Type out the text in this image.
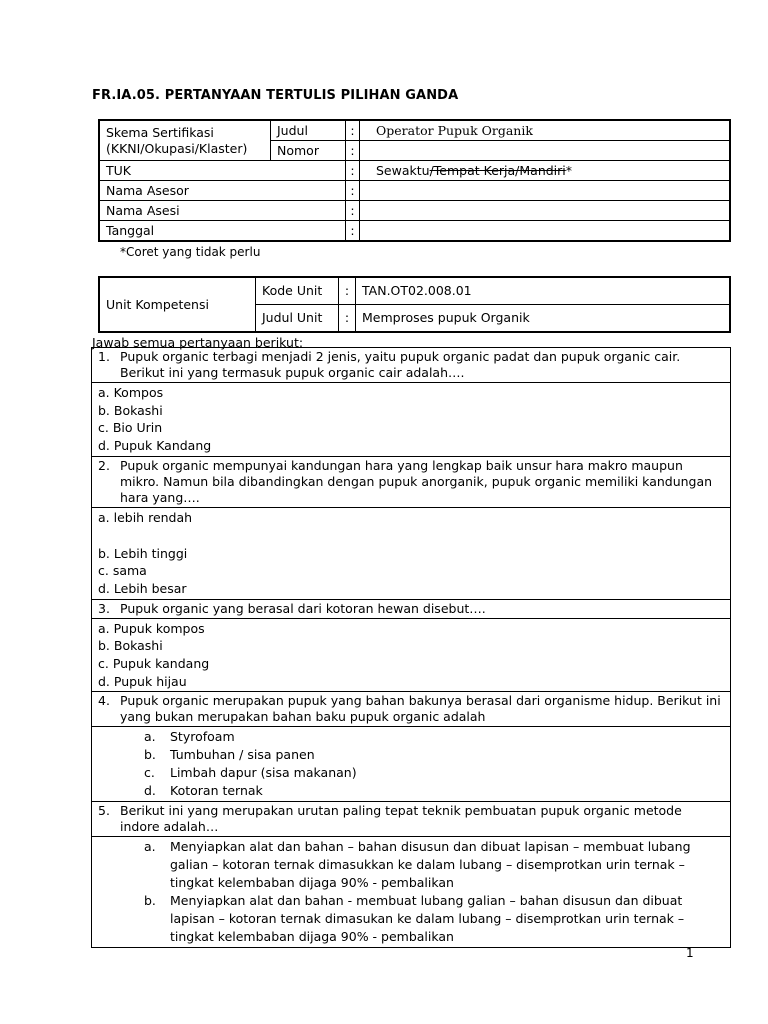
FR.IA.05. PERTANYAAN TERTULIS PILIHAN GANDA
Skema Sertifikasi (KKNI/Okupasi/Klaster)	Judul	:	Operator Pupuk Organik
	Nomor	:	
TUK		:	Sewaktu/Tempat Kerja/Mandiri*
Nama Asesor		:	
Nama Asesi		:	
Tanggal		:	
*Coret yang tidak perlu
Unit Kompetensi	Kode Unit	:	TAN.OT02.008.01
	Judul Unit	:	Memproses pupuk Organik
Jawab semua pertanyaan berikut:
1. Pupuk organic terbagi menjadi 2 jenis, yaitu pupuk organic padat dan pupuk organic cair. Berikut ini yang termasuk pupuk organic cair adalah….

a. Kompos
b. Bokashi
c. Bio Urin
d. Pupuk Kandang

2. Pupuk organic mempunyai kandungan hara yang lengkap baik unsur hara makro maupun mikro. Namun bila dibandingkan dengan pupuk anorganik, pupuk organic memiliki kandungan hara yang….

a. lebih rendah
b. Lebih tinggi
c. sama
d. Lebih besar

3. Pupuk organic yang berasal dari kotoran hewan disebut….

a. Pupuk kompos
b. Bokashi
c. Pupuk kandang
d. Pupuk hijau

4. Pupuk organic merupakan pupuk yang bahan bakunya berasal dari organisme hidup. Berikut ini yang bukan merupakan bahan baku pupuk organic adalah

a.	Styrofoam
b.	Tumbuhan / sisa panen
c.	Limbah dapur (sisa makanan)
d.	Kotoran ternak

5. Berikut ini yang merupakan urutan paling tepat teknik pembuatan pupuk organic metode indore adalah…

a.	Menyiapkan alat dan bahan – bahan disusun dan dibuat lapisan – membuat lubang galian – kotoran ternak dimasukkan ke dalam lubang – disemprotkan urin ternak – tingkat kelembaban dijaga 90% - pembalikan
b.	Menyiapkan alat dan bahan - membuat lubang galian – bahan disusun dan dibuat lapisan – kotoran ternak dimasukan ke dalam lubang – disemprotkan urin ternak – tingkat kelembaban dijaga 90% - pembalikan
1
